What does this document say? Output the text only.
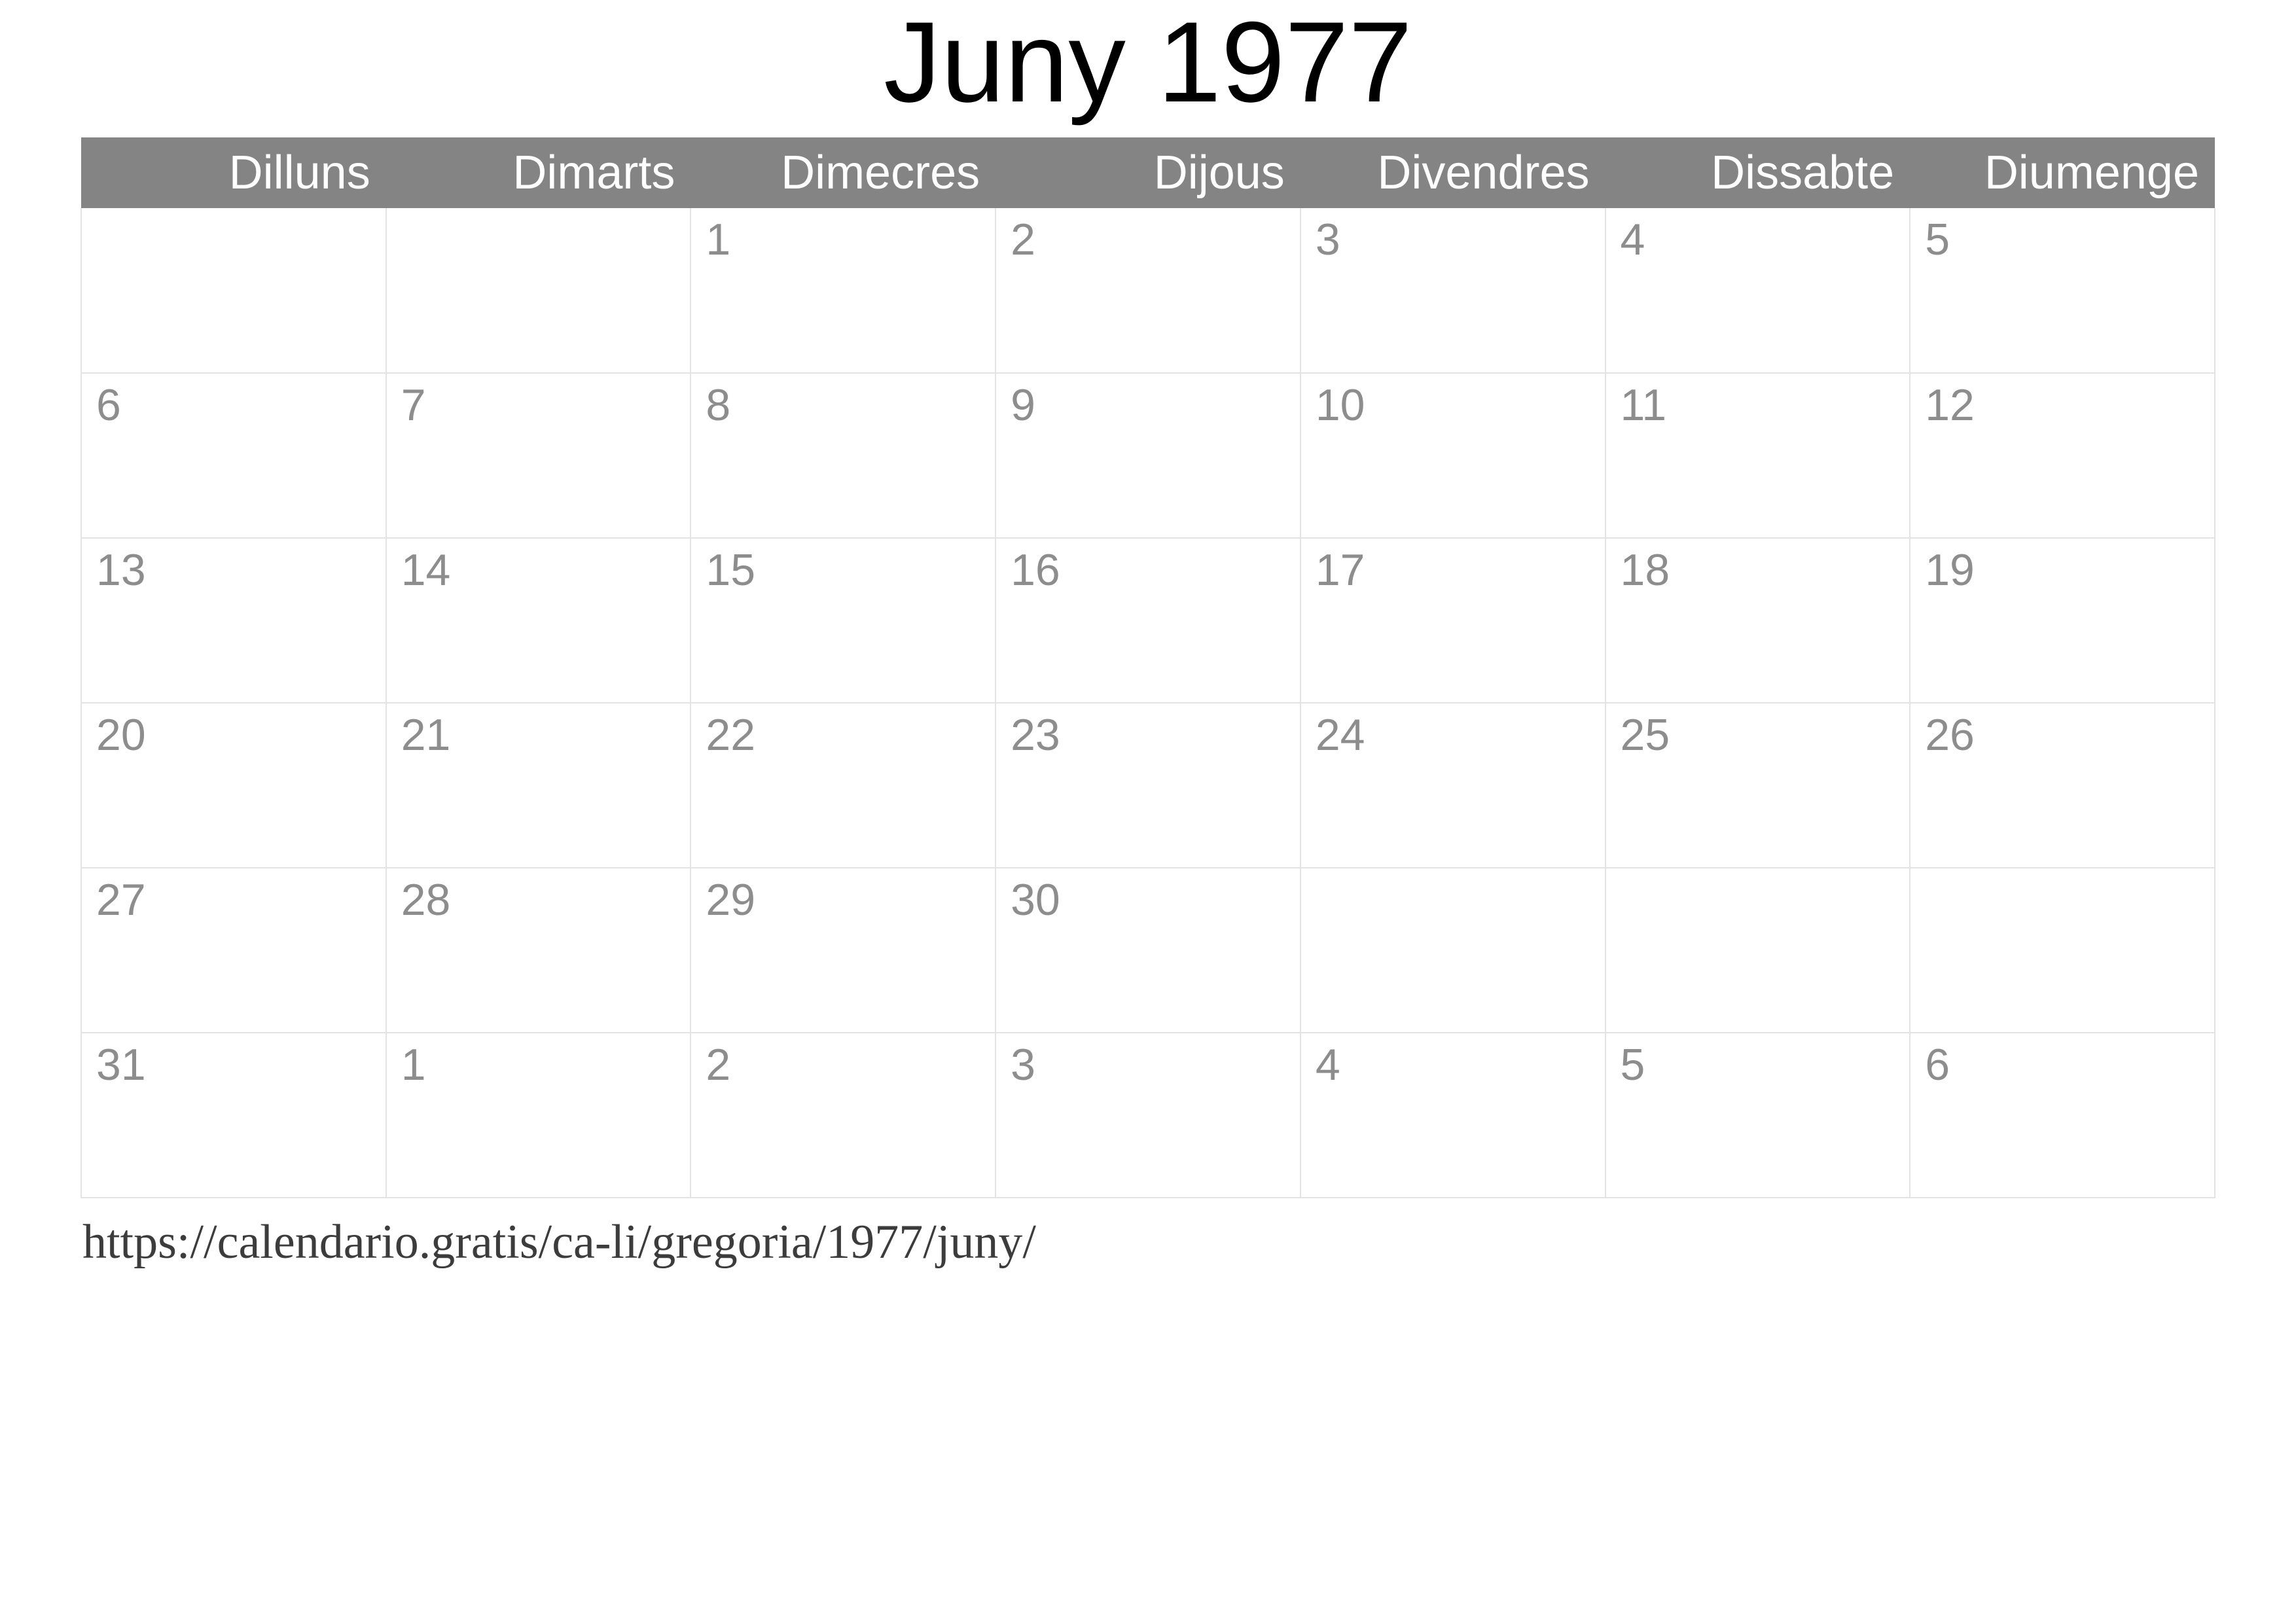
Juny 1977
Dilluns	Dimarts	Dimecres	Dijous	Divendres	Dissabte	Diumenge
		1	2	3	4	5
6	7	8	9	10	11	12
13	14	15	16	17	18	19
20	21	22	23	24	25	26
27	28	29	30			
31	1	2	3	4	5	6
https://calendario.gratis/ca-li/gregoria/1977/juny/
